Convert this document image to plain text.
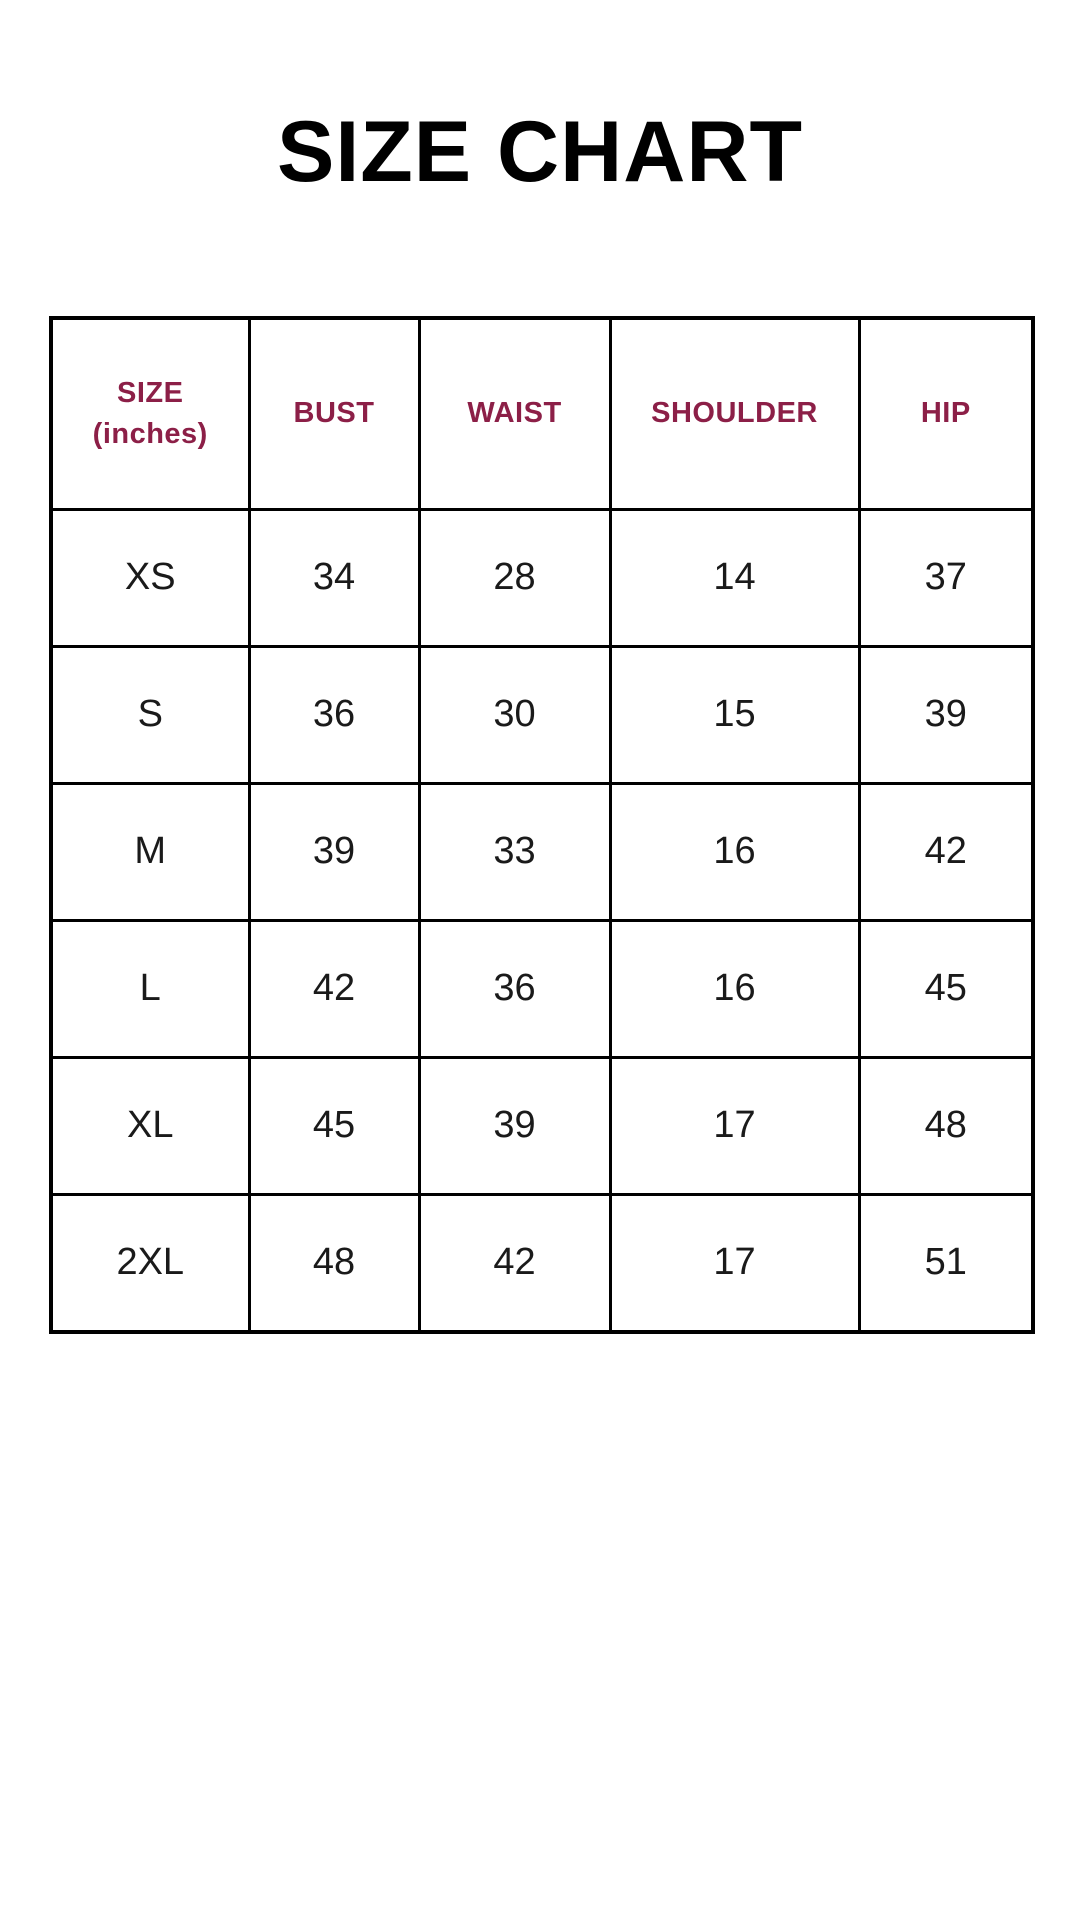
SIZE CHART
SIZE
(inches)	BUST	WAIST	SHOULDER	HIP
XS	34	28	14	37
S	36	30	15	39
M	39	33	16	42
L	42	36	16	45
XL	45	39	17	48
2XL	48	42	17	51
